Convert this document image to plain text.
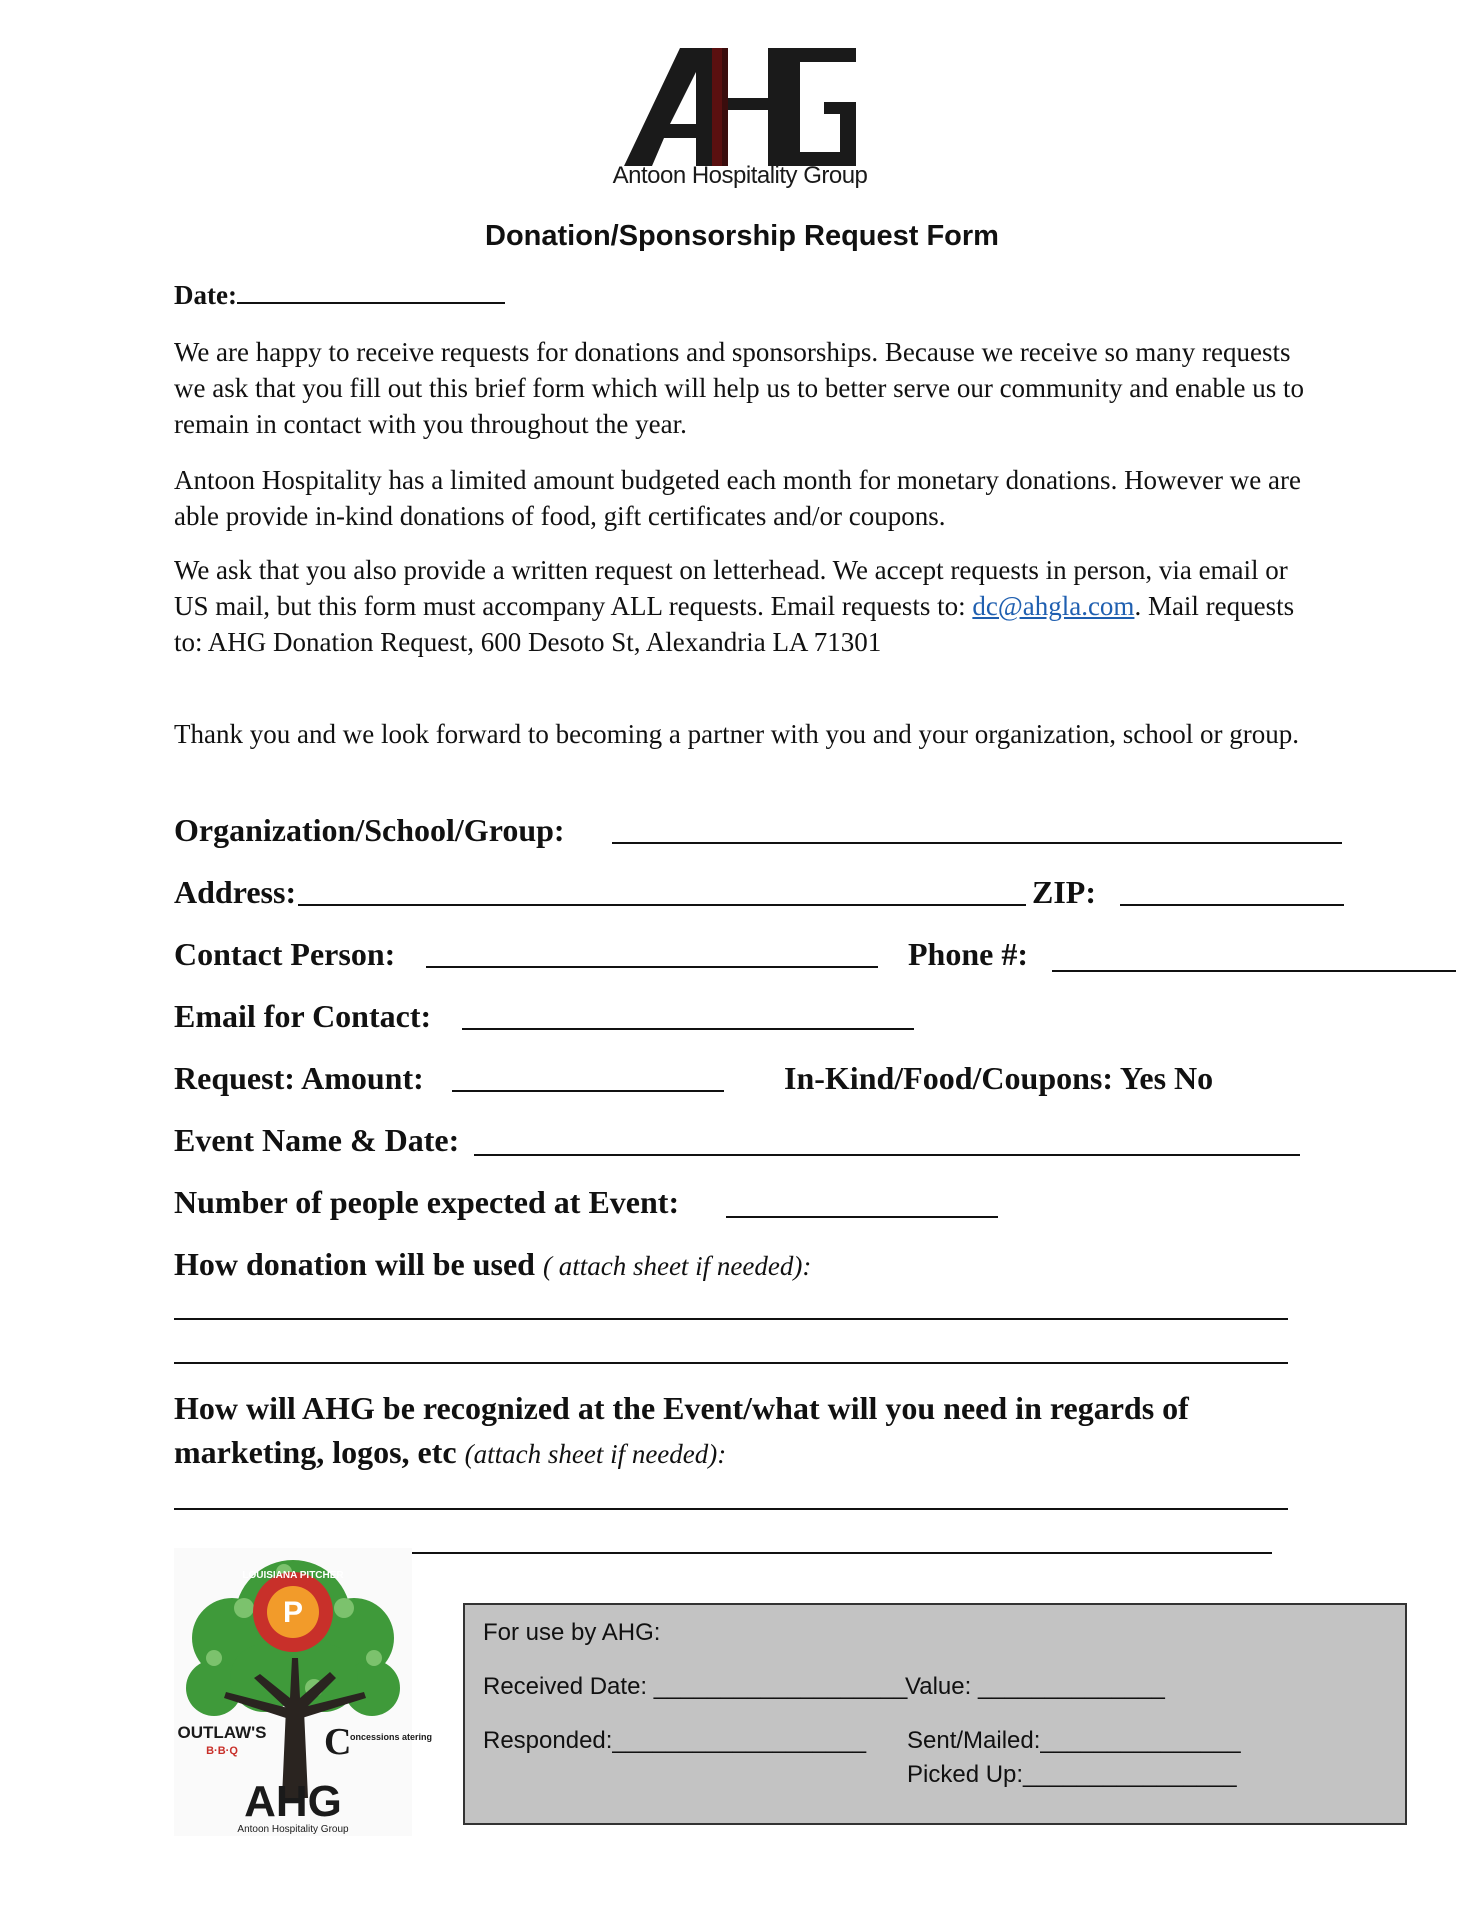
Antoon Hospitality Group
Donation/Sponsorship Request Form
Date:
We are happy to receive requests for donations and sponsorships. Because we receive so many requests we ask that you fill out this brief form which will help us to better serve our community and enable us to remain in contact with you throughout the year.
Antoon Hospitality has a limited amount budgeted each month for monetary donations. However we are able provide in-kind donations of food, gift certificates and/or coupons.
We ask that you also provide a written request on letterhead. We accept requests in person, via email or US mail, but this form must accompany ALL requests. Email requests to: dc@ahgla.com. Mail requests to: AHG Donation Request, 600 Desoto St, Alexandria LA 71301
Thank you and we look forward to becoming a partner with you and your organization, school or group.
Organization/School/Group:
Address:	ZIP:
Contact Person:	Phone #:
Email for Contact:
Request: Amount:	In-Kind/Food/Coupons: Yes No
Event Name & Date:
Number of people expected at Event:
How donation will be used ( attach sheet if needed):
How will AHG be recognized at the Event/what will you need in regards of
marketing, logos, etc (attach sheet if needed):
P
LOUISIANA PITCHER
OUTLAW'S
B·B·Q C
oncessions atering
AHG
Antoon Hospitality Group
For use by AHG:
Received Date: ___________________
Value: ______________
Responded:___________________ Sent/Mailed:_______________
Picked Up:________________
